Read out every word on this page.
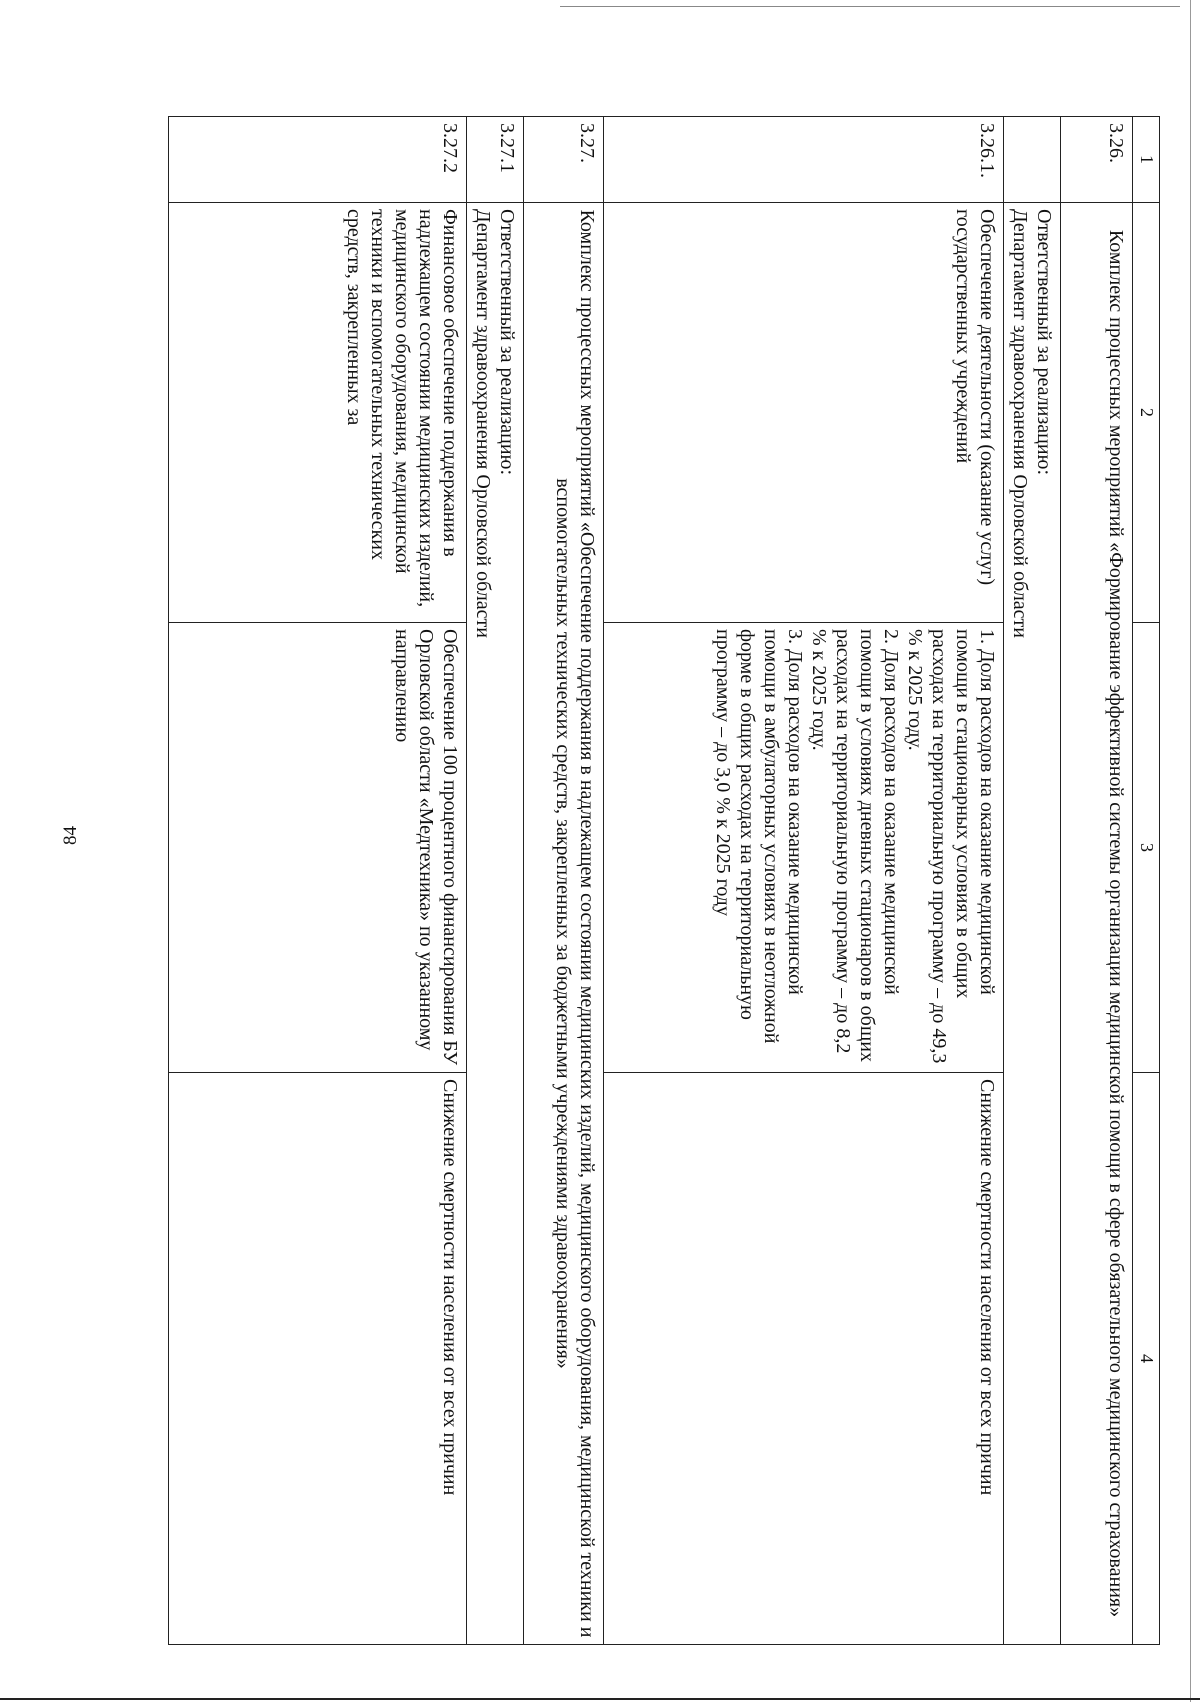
84
1	2	3	4
3.26.	Комплекс процессных мероприятий «Формирование эффективной системы организации медицинской помощи в сфере обязательного медицинского страхования»		

	Ответственный за реализацию:
Департамент здравоохранения Орловской области		

3.26.1.	Обеспечение деятельности (оказание услуг) государственных учреждений	1. Доля расходов на оказание медицинской помощи в стационарных условиях в общих расходах на территориальную программу – до 49,3 % к 2025 году.
2. Доля расходов на оказание медицинской помощи в условиях дневных стационаров в общих расходах на территориальную программу – до 8,2 % к 2025 году.
3. Доля расходов на оказание медицинской помощи в амбулаторных условиях в неотложной форме в общих расходах на территориальную программу – до 3,0 % к 2025 году	Снижение смертности населения от всех причин
3.27.	Комплекс процессных мероприятий «Обеспечение поддержания в надлежащем состоянии медицинских изделий, медицинского оборудования, медицинской техники и вспомогательных технических средств, закрепленных за бюджетными учреждениями здравоохранения»		
3.27.1	Ответственный за реализацию:
Департамент здравоохранения Орловской области		

3.27.2	Финансовое обеспечение поддержания в надлежащем состоянии медицинских изделий, медицинского оборудования, медицинской техники и вспомогательных технических средств, закрепленных за	Обеспечение 100 процентного финансирования БУ Орловской области «Медтехника» по указанному направлению	Снижение смертности населения от всех причин
